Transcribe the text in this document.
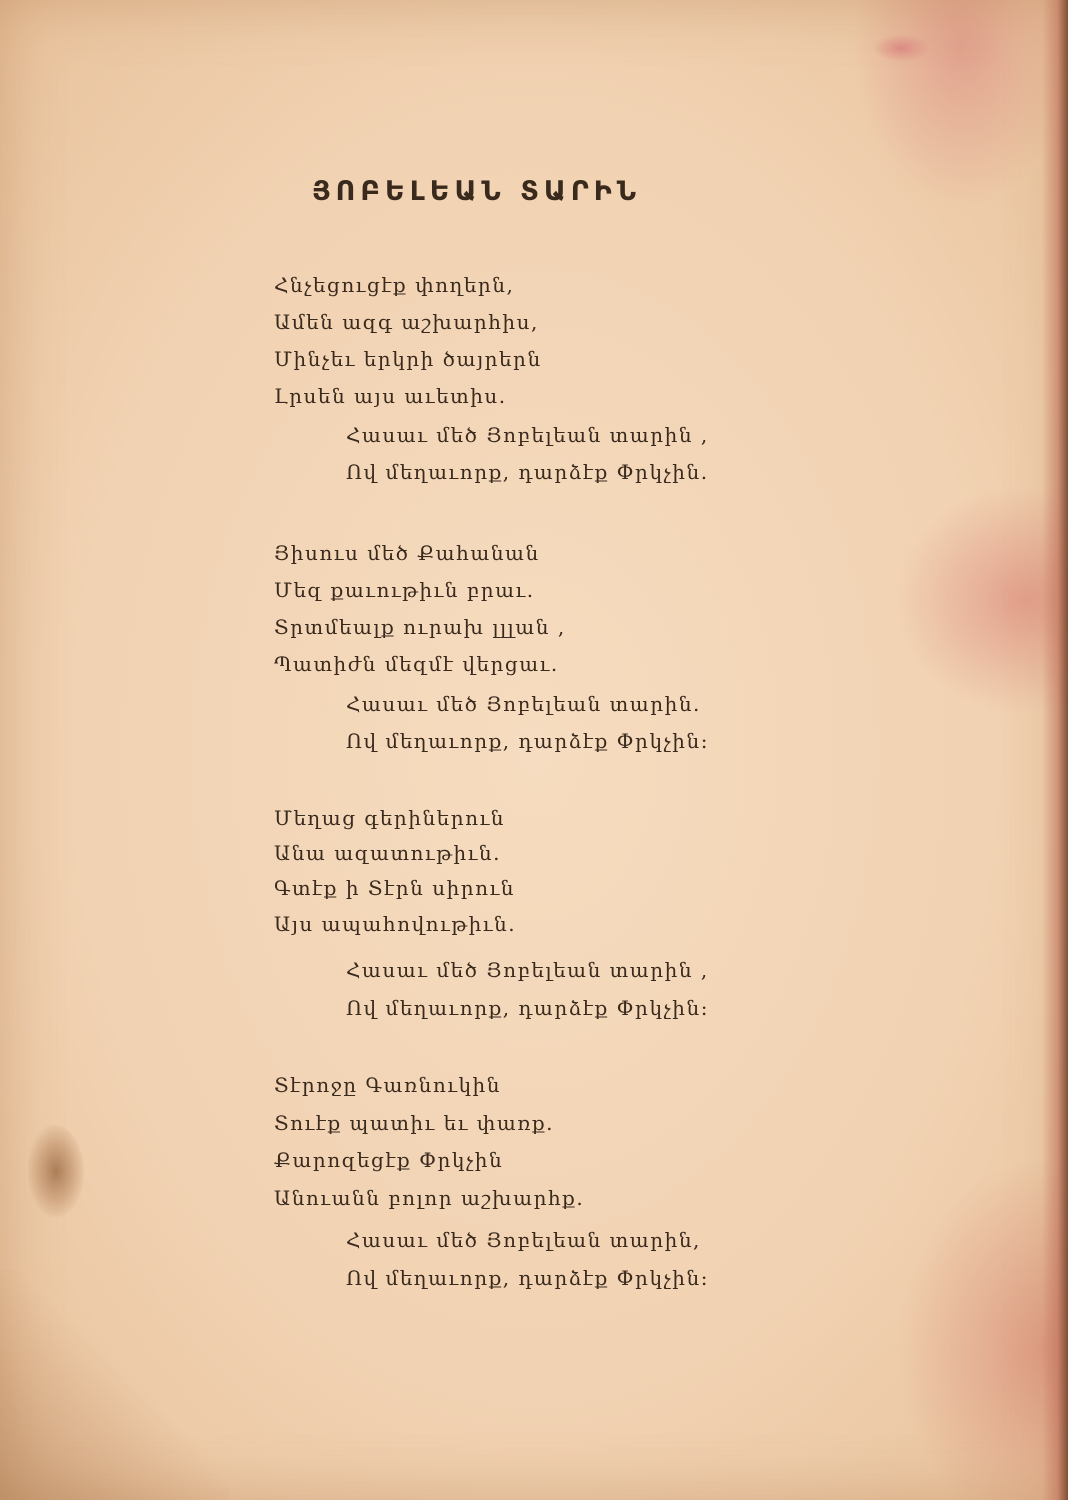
ՅՈԲԵԼԵԱՆ ՏԱՐԻՆ

Հնչեցուցէք փողերն,

Ամեն ազգ աշխարհիս,

Մինչեւ երկրի ծայրերն

Լրսեն այս աւետիս.

Հասաւ մեծ Յոբելեան տարին ,

Ով մեղաւորք, դարձէք Փրկչին.

Յիսուս մեծ Քահանան

Մեզ քաւութիւն բրաւ.

Տրտմեալք ուրախ լլլան ,

Պատիժն մեզմէ վերցաւ.

Հասաւ մեծ Յոբելեան տարին.

Ով մեղաւորք, դարձէք Փրկչին:

Մեղաց գերիներուն

Անա ազատութիւն.

Գտէք ի Տէրն սիրուն

Այս ապահովութիւն.

Հասաւ մեծ Յոբելեան տարին ,

Ով մեղաւորք, դարձէք Փրկչին:

Տէրոջը Գառնուկին

Տուէք պատիւ եւ փառք.

Քարոզեցէք Փրկչին

Անուանն բոլոր աշխարհք.

Հասաւ մեծ Յոբելեան տարին,

Ով մեղաւորք, դարձէք Փրկչին:
